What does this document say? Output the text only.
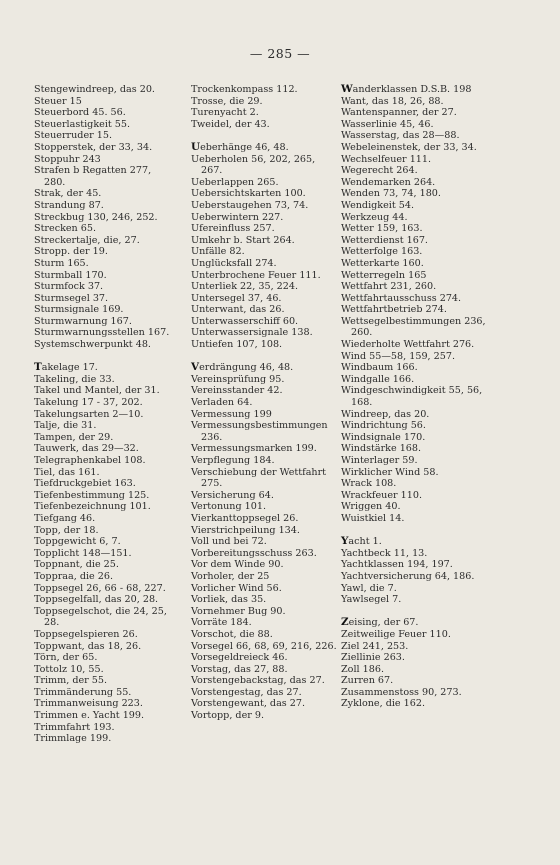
— 285 —
Stengewindreep, das 20.
Steuer 15
Steuerbord 45. 56.
Steuerlastigkeit 55.
Steuerruder 15.
Stopperstek, der 33, 34.
Stoppuhr 243
Strafen b Regatten 277, 280.
Strak, der 45.
Strandung 87.
Streckbug 130, 246, 252.
Strecken 65.
Streckertalje, die, 27.
Stropp. der 19.
Sturm 165.
Sturmball 170.
Sturmfock 37.
Sturmsegel 37.
Sturmsignale 169.
Sturmwarnung 167.
Sturmwarnungsstellen 167.
Systemschwerpunkt 48.
Takelage 17.
Takeling, die 33.
Takel und Mantel, der 31.
Takelung 17 - 37, 202.
Takelungsarten 2—10.
Talje, die 31.
Tampen, der 29.
Tauwerk, das 29—32.
Telegraphenkabel 108.
Tiel, das 161.
Tiefdruckgebiet 163.
Tiefenbestimmung 125.
Tiefenbezeichnung 101.
Tiefgang 46.
Topp, der 18.
Toppgewicht 6, 7.
Topplicht 148—151.
Toppnant, die 25.
Toppraa, die 26.
Toppsegel 26, 66 - 68, 227.
Toppsegelfall, das 20, 28.
Toppsegelschot, die 24, 25, 28.
Toppsegelspieren 26.
Toppwant, das 18, 26.
Törn, der 65.
Tottolz 10, 55.
Trimm, der 55.
Trimmänderung 55.
Trimmanweisung 223.
Trimmen e. Yacht 199.
Trimmfahrt 193.
Trimmlage 199.
Trockenkompass 112.
Trosse, die 29.
Turenyacht 2.
Tweidel, der 43.
Ueberhänge 46, 48.
Ueberholen 56, 202, 265, 267.
Ueberlappen 265.
Uebersichtskarten 100.
Ueberstaugehen 73, 74.
Ueberwintern 227.
Ufereinfluss 257.
Umkehr b. Start 264.
Unfälle 82.
Unglücksfall 274.
Unterbrochene Feuer 111.
Unterliek 22, 35, 224.
Untersegel 37, 46.
Unterwant, das 26.
Unterwasserschiff 60.
Unterwassersignale 138.
Untiefen 107, 108.
Verdrängung 46, 48.
Vereinsprüfung 95.
Vereinsstander 42.
Verladen 64.
Vermessung 199
Vermessungsbestimmungen 236.
Vermessungsmarken 199.
Verpflegung 184.
Verschiebung der Wettfahrt 275.
Versicherung 64.
Vertonung 101.
Vierkanttoppsegel 26.
Vierstrichpeilung 134.
Voll und bei 72.
Vorbereitungsschuss 263.
Vor dem Winde 90.
Vorholer, der 25
Vorlicher Wind 56.
Vorliek, das 35.
Vornehmer Bug 90.
Vorräte 184.
Vorschot, die 88.
Vorsegel 66, 68, 69, 216, 226.
Vorsegeldreieck 46.
Vorstag, das 27, 88.
Vorstengebackstag, das 27.
Vorstengestag, das 27.
Vorstengewant, das 27.
Vortopp, der 9.
Wanderklassen D.S.B. 198
Want, das 18, 26, 88.
Wantenspanner, der 27.
Wasserlinie 45, 46.
Wasserstag, das 28—88.
Webeleinenstek, der 33, 34.
Wechselfeuer 111.
Wegerecht 264.
Wendemarken 264.
Wenden 73, 74, 180.
Wendigkeit 54.
Werkzeug 44.
Wetter 159, 163.
Wetterdienst 167.
Wetterfolge 163.
Wetterkarte 160.
Wetterregeln 165
Wettfahrt 231, 260.
Wettfahrtausschuss 274.
Wettfahrtbetrieb 274.
Wettsegelbestimmungen 236, 260.
Wiederholte Wettfahrt 276.
Wind 55—58, 159, 257.
Windbaum 166.
Windgalle 166.
Windgeschwindigkeit 55, 56, 168.
Windreep, das 20.
Windrichtung 56.
Windsignale 170.
Windstärke 168.
Winterlager 59.
Wirklicher Wind 58.
Wrack 108.
Wrackfeuer 110.
Wriggen 40.
Wuistkiel 14.
Yacht 1.
Yachtbeck 11, 13.
Yachtklassen 194, 197.
Yachtversicherung 64, 186.
Yawl, die 7.
Yawlsegel 7.
Zeising, der 67.
Zeitweilige Feuer 110.
Ziel 241, 253.
Ziellinie 263.
Zoll 186.
Zurren 67.
Zusammenstoss 90, 273.
Zyklone, die 162.
